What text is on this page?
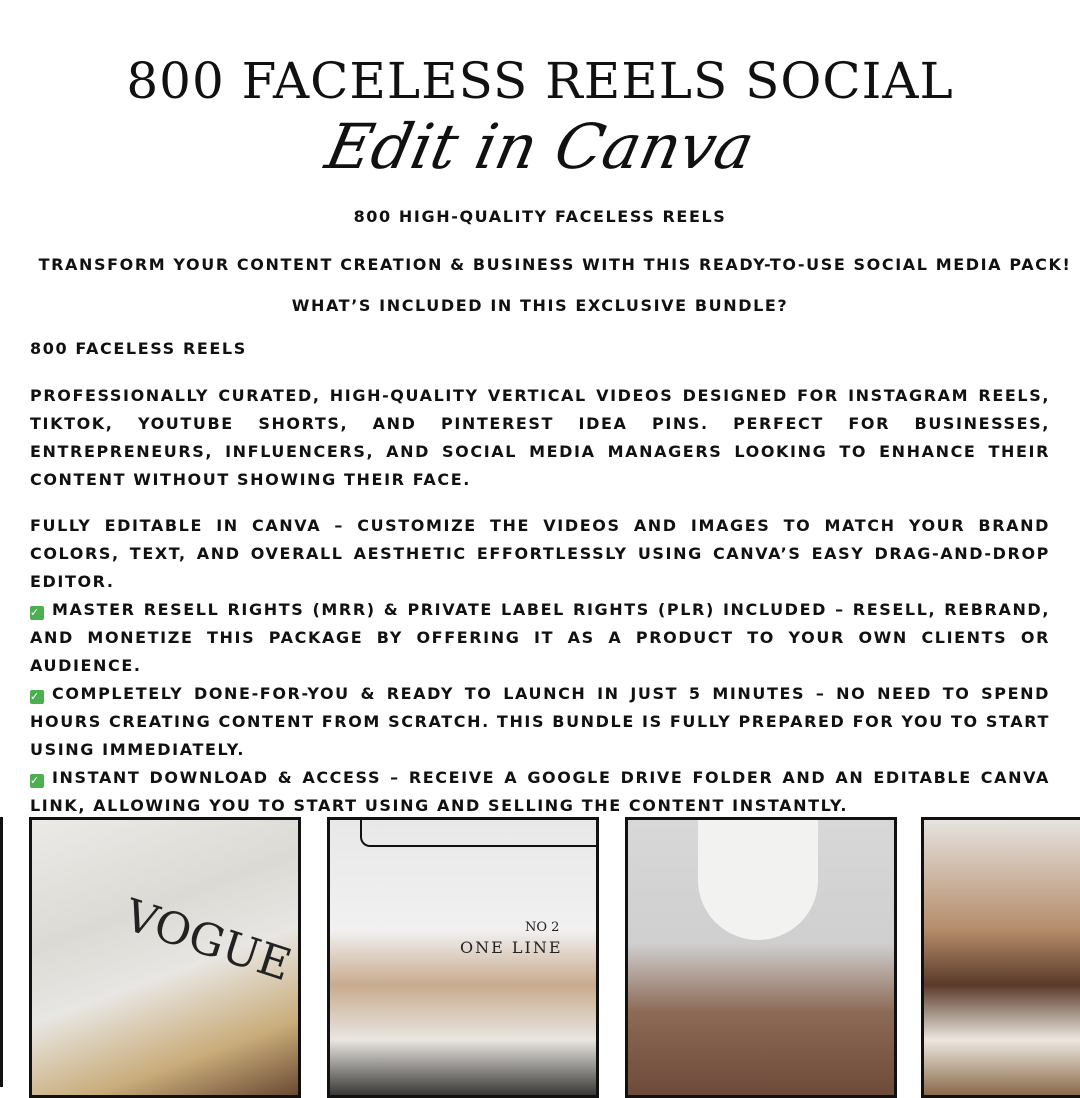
800 FACELESS REELS SOCIAL
Edit in Canva
800 HIGH-QUALITY FACELESS REELS
TRANSFORM YOUR CONTENT CREATION & BUSINESS WITH THIS READY-TO-USE SOCIAL MEDIA PACK!
WHAT’S INCLUDED IN THIS EXCLUSIVE BUNDLE?
800 FACELESS REELS
PROFESSIONALLY CURATED, HIGH-QUALITY VERTICAL VIDEOS DESIGNED FOR INSTAGRAM REELS, TIKTOK, YOUTUBE SHORTS, AND PINTEREST IDEA PINS. PERFECT FOR BUSINESSES, ENTREPRENEURS, INFLUENCERS, AND SOCIAL MEDIA MANAGERS LOOKING TO ENHANCE THEIR CONTENT WITHOUT SHOWING THEIR FACE.
FULLY EDITABLE IN CANVA – CUSTOMIZE THE VIDEOS AND IMAGES TO MATCH YOUR BRAND COLORS, TEXT, AND OVERALL AESTHETIC EFFORTLESSLY USING CANVA’S EASY DRAG-AND-DROP EDITOR.
✓ MASTER RESELL RIGHTS (MRR) & PRIVATE LABEL RIGHTS (PLR) INCLUDED – RESELL, REBRAND, AND MONETIZE THIS PACKAGE BY OFFERING IT AS A PRODUCT TO YOUR OWN CLIENTS OR AUDIENCE.
✓ COMPLETELY DONE-FOR-YOU & READY TO LAUNCH IN JUST 5 MINUTES – NO NEED TO SPEND HOURS CREATING CONTENT FROM SCRATCH. THIS BUNDLE IS FULLY PREPARED FOR YOU TO START USING IMMEDIATELY.
✓ INSTANT DOWNLOAD & ACCESS – RECEIVE A GOOGLE DRIVE FOLDER AND AN EDITABLE CANVA LINK, ALLOWING YOU TO START USING AND SELLING THE CONTENT INSTANTLY.
VOGUE	NO 2
ONE LINE
